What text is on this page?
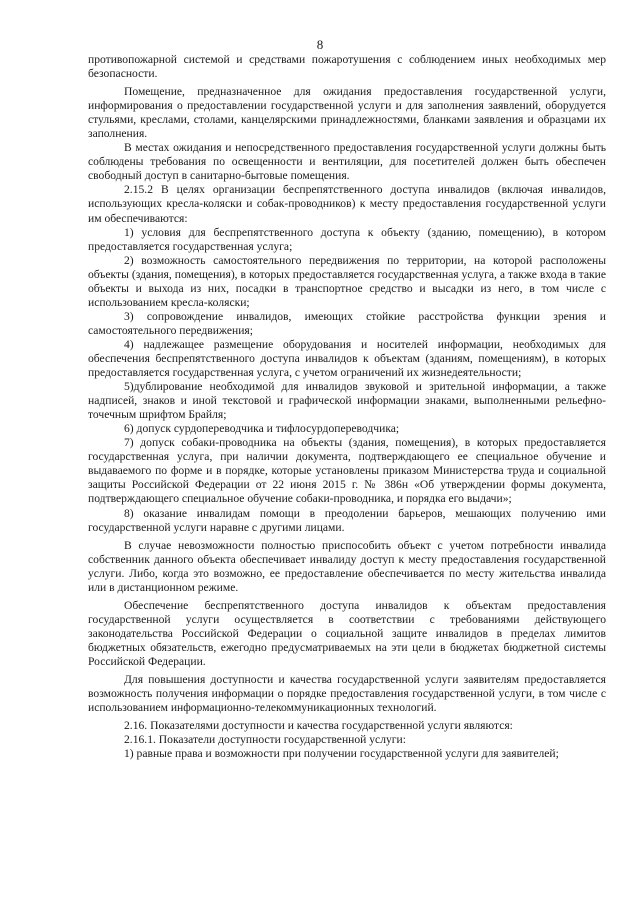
8

противопожарной системой и средствами пожаротушения с соблюдением иных необходимых мер безопасности.

Помещение, предназначенное для ожидания предоставления государственной услуги, информирования о предоставлении государственной услуги и для заполнения заявлений, оборудуется стульями, креслами, столами, канцелярскими принадлежностями, бланками заявления и образцами их заполнения.

В местах ожидания и непосредственного предоставления государственной услуги должны быть соблюдены требования по освещенности и вентиляции, для посетителей должен быть обеспечен свободный доступ в санитарно-бытовые помещения.

2.15.2 В целях организации беспрепятственного доступа инвалидов (включая инвалидов, использующих кресла-коляски и собак-проводников) к месту предоставления государственной услуги им обеспечиваются:

1) условия для беспрепятственного доступа к объекту (зданию, помещению), в котором предоставляется государственная услуга;

2) возможность самостоятельного передвижения по территории, на которой расположены объекты (здания, помещения), в которых предоставляется государственная услуга, а также входа в такие объекты и выхода из них, посадки в транспортное средство и высадки из него, в том числе с использованием кресла-коляски;

3) сопровождение инвалидов, имеющих стойкие расстройства функции зрения и самостоятельного передвижения;

4) надлежащее размещение оборудования и носителей информации, необходимых для обеспечения беспрепятственного доступа инвалидов к объектам (зданиям, помещениям), в которых предоставляется государственная услуга, с учетом ограничений их жизнедеятельности;

5)дублирование необходимой для инвалидов звуковой и зрительной информации, а также надписей, знаков и иной текстовой и графической информации знаками, выполненными рельефно-точечным шрифтом Брайля;

6) допуск сурдопереводчика и тифлосурдопереводчика;

7) допуск собаки-проводника на объекты (здания, помещения), в которых предоставляется государственная услуга, при наличии документа, подтверждающего ее специальное обучение и выдаваемого по форме и в порядке, которые установлены приказом Министерства труда и социальной защиты Российской Федерации от 22 июня 2015 г. № 386н «Об утверждении формы документа, подтверждающего специальное обучение собаки-проводника, и порядка его выдачи»;

8) оказание инвалидам помощи в преодолении барьеров, мешающих получению ими государственной услуги наравне с другими лицами.

В случае невозможности полностью приспособить объект с учетом потребности инвалида собственник данного объекта обеспечивает инвалиду доступ к месту предоставления государственной услуги. Либо, когда это возможно, ее предоставление обеспечивается по месту жительства инвалида или в дистанционном режиме.

Обеспечение беспрепятственного доступа инвалидов к объектам предоставления государственной услуги осуществляется в соответствии с требованиями действующего законодательства Российской Федерации о социальной защите инвалидов в пределах лимитов бюджетных обязательств, ежегодно предусматриваемых на эти цели в бюджетах бюджетной системы Российской Федерации.

Для повышения доступности и качества государственной услуги заявителям предоставляется возможность получения информации о порядке предоставления государственной услуги, в том числе с использованием информационно-телекоммуникационных технологий.

2.16. Показателями доступности и качества государственной услуги являются:

2.16.1. Показатели доступности государственной услуги:

1) равные права и возможности при получении государственной услуги для заявителей;
